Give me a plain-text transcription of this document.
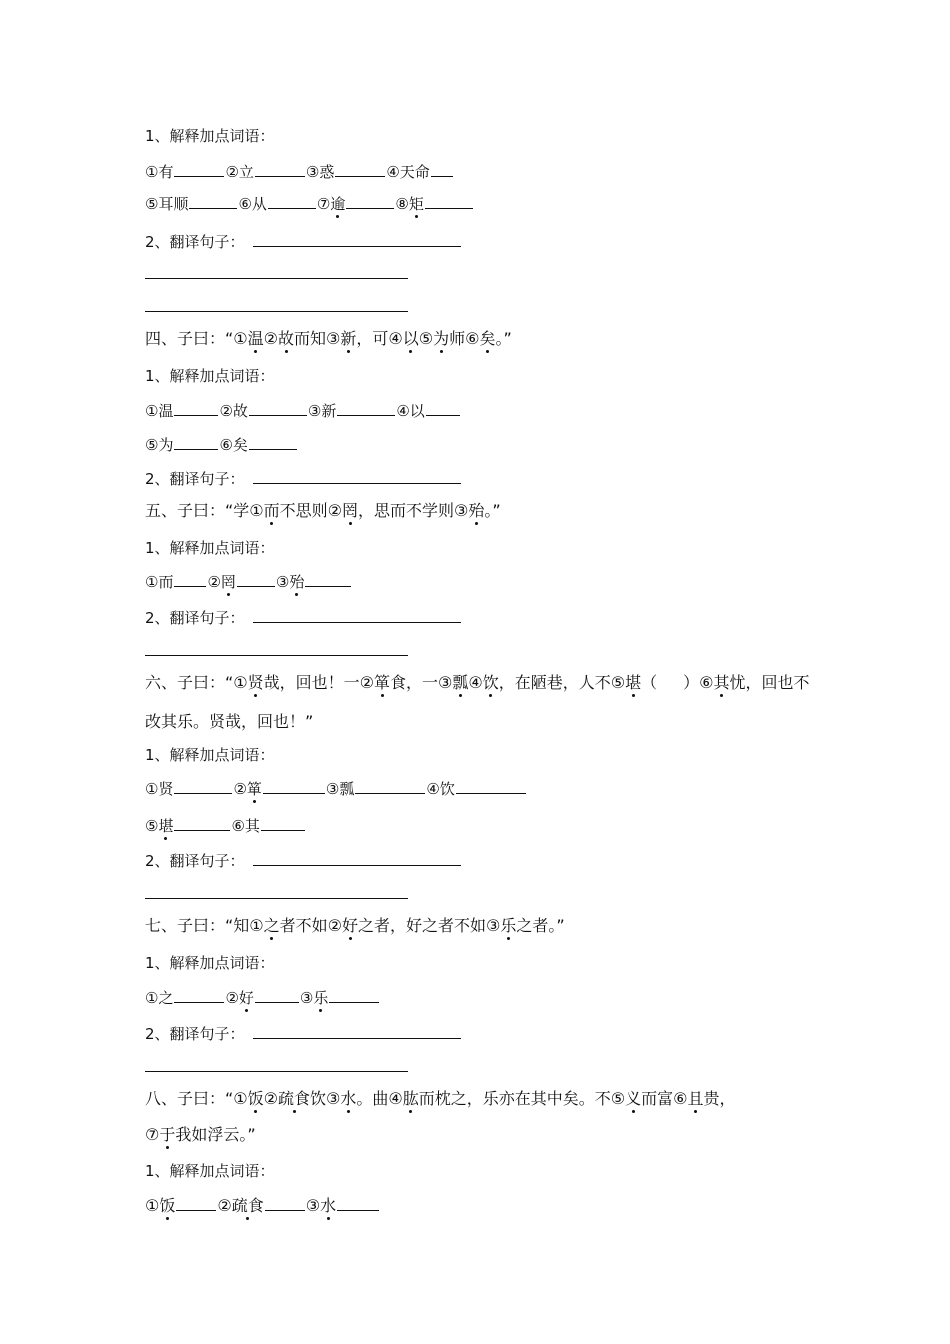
1、解释加点词语：
①有	②立	③惑	④天命
⑤耳顺	⑥从	⑦逾	⑧矩
2、翻译句子：
四、子曰：“①温②故而知③新，可④以⑤为师⑥矣。”
1、解释加点词语：
①温	②故	③新	④以
⑤为	⑥矣
2、翻译句子：
五、子曰：“学①而不思则②罔，思而不学则③殆。”
1、解释加点词语：
①而 ②罔	③殆
2、翻译句子：
六、子曰：“①贤哉，回也！一②箪食，一③瓢④饮，在陋巷，人不⑤堪（ ）⑥其忧，回也不
改其乐。贤哉，回也！”
1、解释加点词语：
①贤	②箪	③瓢	④饮
⑤堪	⑥其
2、翻译句子：
七、子曰：“知①之者不如②好之者，好之者不如③乐之者。”
1、解释加点词语：
①之	②好	③乐
2、翻译句子：
八、子曰：“①饭②疏食饮③水。曲④肱而枕之，乐亦在其中矣。不⑤义而富⑥且贵，
⑦于我如浮云。”
1、解释加点词语：
①饭	②疏食	③水
